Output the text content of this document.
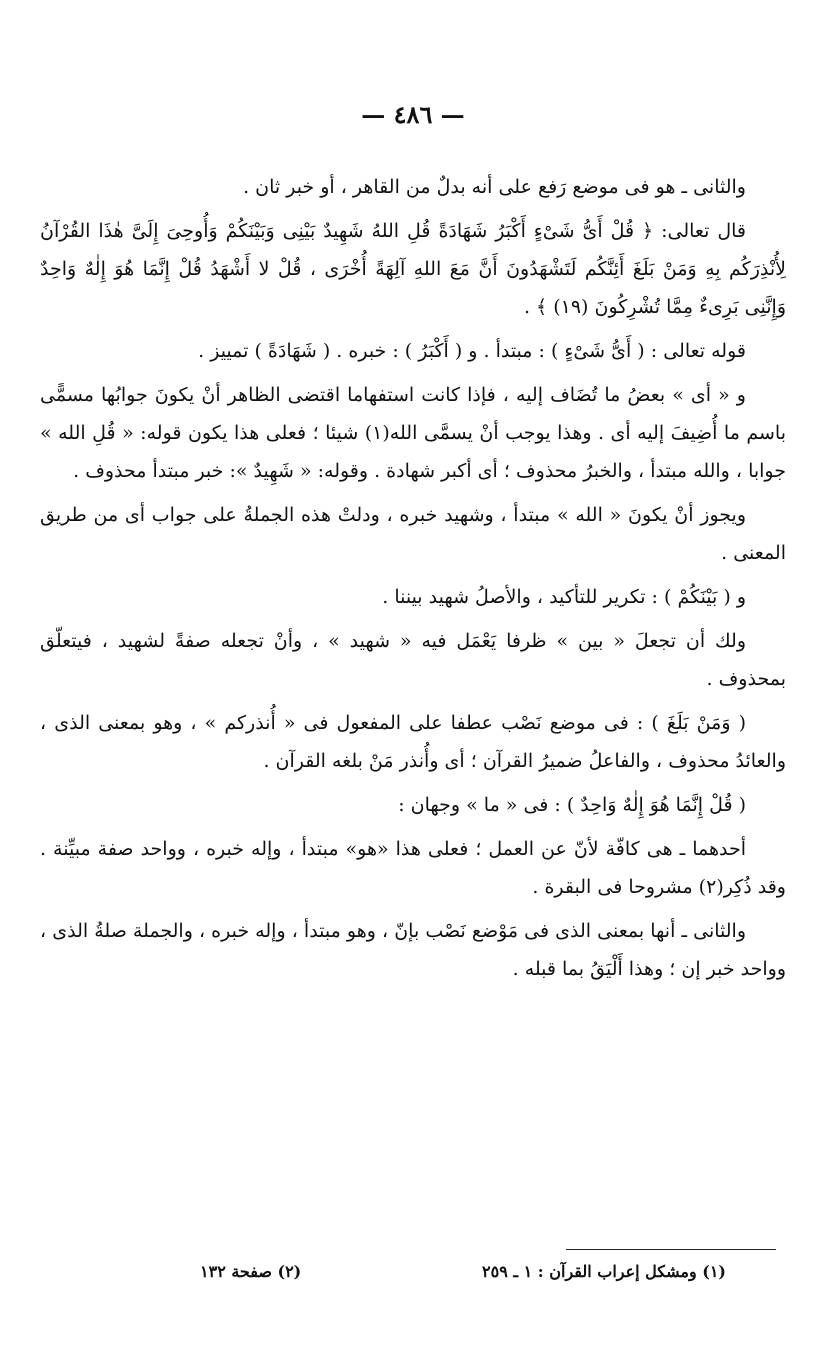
— ٤٨٦ —

والثانى ـ هو فى موضع رَفع على أنه بدلٌ من القاهر ، أو خبر ثان .

قال تعالى: ﴿ قُلْ أَىُّ شَىْءٍ أَكْبَرُ شَهَادَةً قُلِ اللهُ شَهِيدٌ بَيْنِى وَبَيْنَكُمْ وَأُوحِىَ إِلَىَّ هٰذَا القُرْآنُ لِأُنْذِرَكُم بِهِ وَمَنْ بَلَغَ أَئِنَّكُم لَتَشْهَدُونَ أَنَّ مَعَ اللهِ آلِهَةً أُخْرَى ، قُلْ لا أَشْهَدُ قُلْ إِنَّمَا هُوَ إِلٰهٌ وَاحِدٌ وَإِنَّنِى بَرِىءٌ مِمَّا تُشْرِكُونَ (١٩) ﴾ .

قوله تعالى : ( أَىُّ شَىْءٍ ) : مبتدأ . و ( أَكْبَرُ ) : خبره . ( شَهَادَةً ) تمييز .

و « أى » بعضُ ما تُضَاف إليه ، فإذا كانت استفهاما اقتضى الظاهر أنْ يكونَ جوابُها مسمًّى باسم ما أُضِيفَ إليه أى . وهذا يوجب أنْ يسمَّى الله(١) شيئا ؛ فعلى هذا يكون قوله: « قُلِ الله » جوابا ، والله مبتدأ ، والخبرُ محذوف ؛ أى أكبر شهادة . وقوله: « شَهِيدٌ »: خبر مبتدأ محذوف .

ويجوز أنْ يكونَ « الله » مبتدأ ، وشهيد خبره ، ودلتْ هذه الجملةُ على جواب أى من طريق المعنى .

و ( بَيْنَكُمْ ) : تكرير للتأكيد ، والأصلُ شهيد بيننا .

ولك أن تجعلَ « بين » ظرفا يَعْمَل فيه « شهيد » ، وأنْ تجعله صفةً لشهيد ، فيتعلّق بمحذوف .

( وَمَنْ بَلَغَ ) : فى موضع نَصْب عطفا على المفعول فى « أُنذركم » ، وهو بمعنى الذى ، والعائدُ محذوف ، والفاعلُ ضميرُ القرآن ؛ أى وأُنذر مَنْ بلغه القرآن .

( قُلْ إِنَّمَا هُوَ إِلٰهٌ وَاحِدٌ ) : فى « ما » وجهان :

أحدهما ـ هى كافّة لأنّ عن العمل ؛ فعلى هذا «هو» مبتدأ ، وإله خبره ، وواحد صفة مبيِّنة . وقد ذُكِر(٢) مشروحا فى البقرة .

والثانى ـ أنها بمعنى الذى فى مَوْضع نَصْب بإنّ ، وهو مبتدأ ، وإله خبره ، والجملة صلةُ الذى ، وواحد خبر إن ؛ وهذا أَلْيَقُ بما قبله .

(١) ومشكل إعراب القرآن : ١ ـ ٢٥٩
(٢) صفحة ١٣٢
